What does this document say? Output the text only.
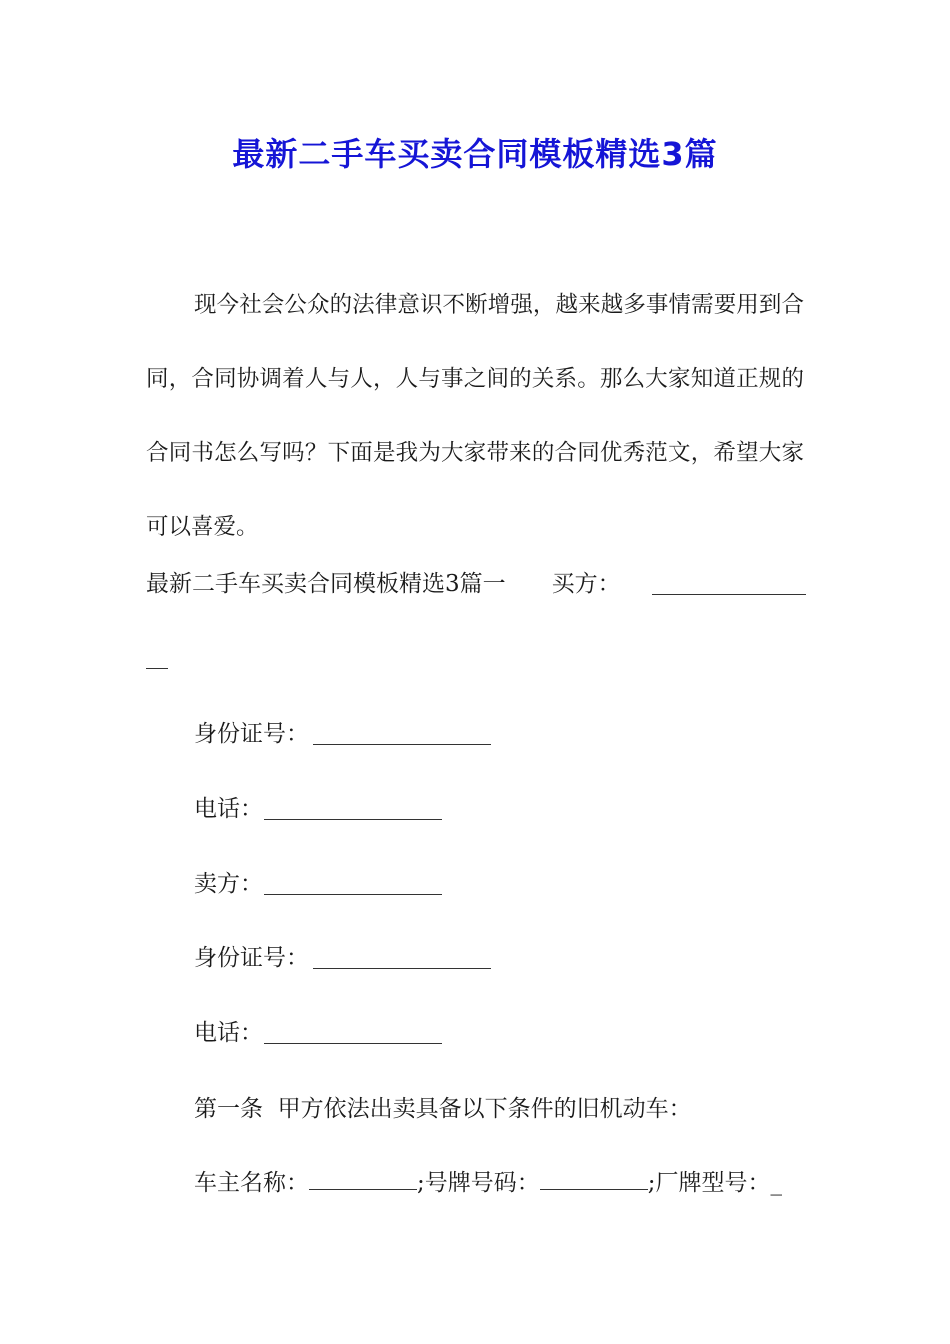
最新二手车买卖合同模板精选3篇
现今社会公众的法律意识不断增强，越来越多事情需要用到合同，合同协调着人与人，人与事之间的关系。那么大家知道正规的合同书怎么写吗？下面是我为大家带来的合同优秀范文，希望大家可以喜爱。
最新二手车买卖合同模板精选3篇一 买方：
身份证号：
电话：
卖方：
身份证号：
电话：
第一条  甲方依法出卖具备以下条件的旧机动车：
车主名称：	;号牌号码：	;厂牌型号：_
